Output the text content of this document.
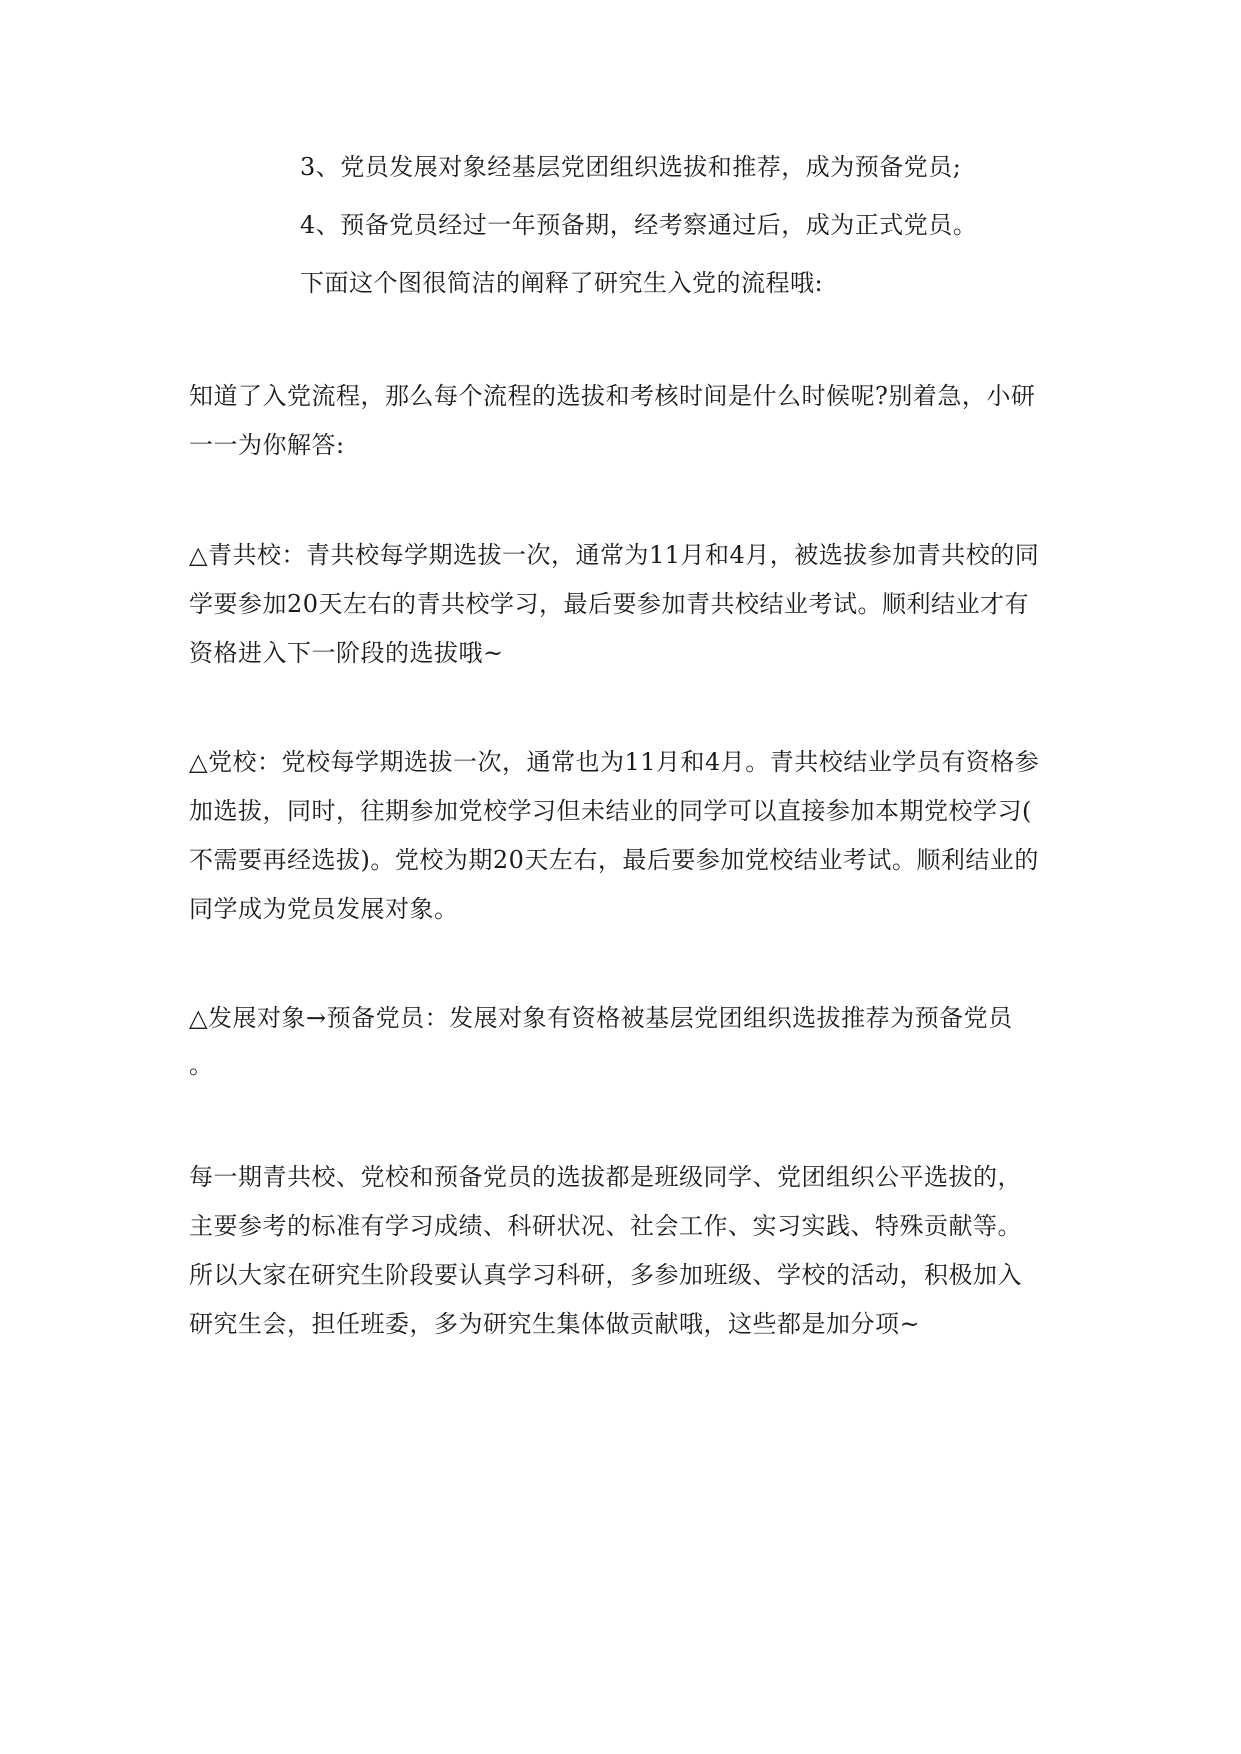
3、党员发展对象经基层党团组织选拔和推荐，成为预备党员;
4、预备党员经过一年预备期，经考察通过后，成为正式党员。
下面这个图很简洁的阐释了研究生入党的流程哦:
知道了入党流程，那么每个流程的选拔和考核时间是什么时候呢?别着急，小研
一一为你解答:
△青共校：青共校每学期选拔一次，通常为11月和4月，被选拔参加青共校的同
学要参加20天左右的青共校学习，最后要参加青共校结业考试。顺利结业才有
资格进入下一阶段的选拔哦~
△党校：党校每学期选拔一次，通常也为11月和4月。青共校结业学员有资格参
加选拔，同时，往期参加党校学习但未结业的同学可以直接参加本期党校学习(
不需要再经选拔)。党校为期20天左右，最后要参加党校结业考试。顺利结业的
同学成为党员发展对象。
△发展对象→预备党员：发展对象有资格被基层党团组织选拔推荐为预备党员
。
每一期青共校、党校和预备党员的选拔都是班级同学、党团组织公平选拔的，
主要参考的标准有学习成绩、科研状况、社会工作、实习实践、特殊贡献等。
所以大家在研究生阶段要认真学习科研，多参加班级、学校的活动，积极加入
研究生会，担任班委，多为研究生集体做贡献哦，这些都是加分项~
